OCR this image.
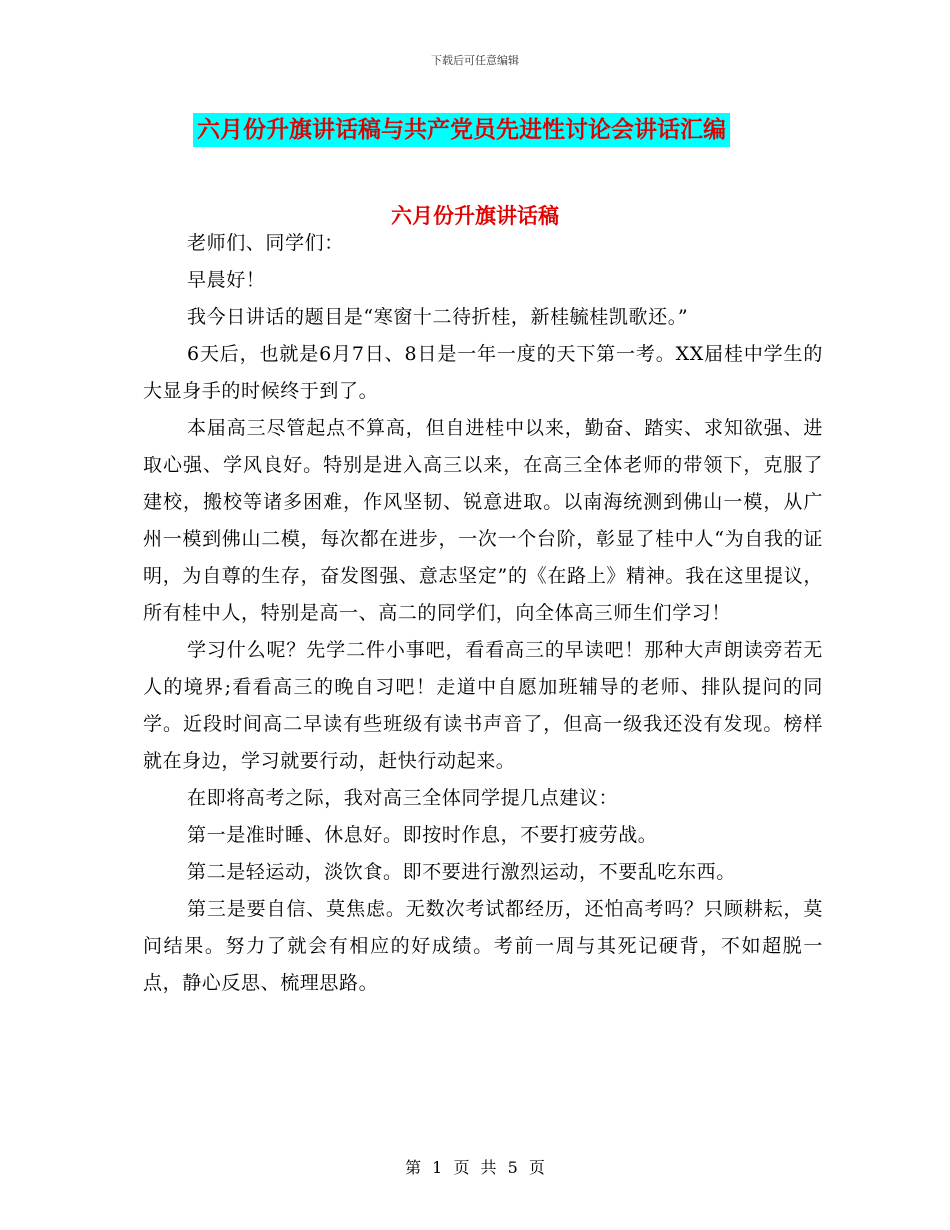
下载后可任意编辑
六月份升旗讲话稿与共产党员先进性讨论会讲话汇编
六月份升旗讲话稿

老师们、同学们：

早晨好！

我今日讲话的题目是“寒窗十二待折桂，新桂毓桂凯歌还。”

6天后，也就是6月7日、8日是一年一度的天下第一考。XX届桂中学生的大显身手的时候终于到了。

本届高三尽管起点不算高，但自进桂中以来，勤奋、踏实、求知欲强、进取心强、学风良好。特别是进入高三以来，在高三全体老师的带领下，克服了建校，搬校等诸多困难，作风坚韧、锐意进取。以南海统测到佛山一模，从广州一模到佛山二模，每次都在进步，一次一个台阶，彰显了桂中人“为自我的证明，为自尊的生存，奋发图强、意志坚定”的《在路上》精神。我在这里提议，所有桂中人，特别是高一、高二的同学们，向全体高三师生们学习！

学习什么呢？先学二件小事吧，看看高三的早读吧！那种大声朗读旁若无人的境界;看看高三的晚自习吧！走道中自愿加班辅导的老师、排队提问的同学。近段时间高二早读有些班级有读书声音了，但高一级我还没有发现。榜样就在身边，学习就要行动，赶快行动起来。

在即将高考之际，我对高三全体同学提几点建议：

第一是准时睡、休息好。即按时作息，不要打疲劳战。

第二是轻运动，淡饮食。即不要进行激烈运动，不要乱吃东西。

第三是要自信、莫焦虑。无数次考试都经历，还怕高考吗？只顾耕耘，莫问结果。努力了就会有相应的好成绩。考前一周与其死记硬背，不如超脱一点，静心反思、梳理思路。

第 1 页 共 5 页
